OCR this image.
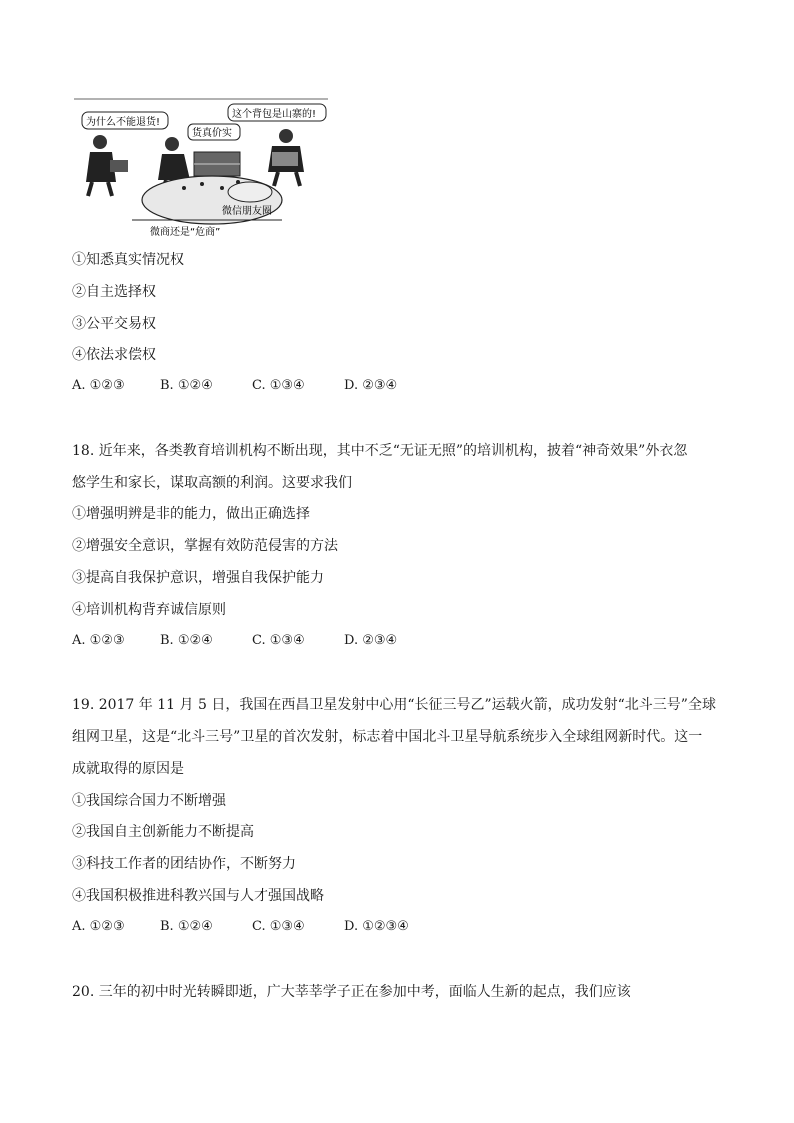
为什么不能退货!
货真价实
这个背包是山寨的!
微信朋友圈
微商还是“危商”
①知悉真实情况权
②自主选择权
③公平交易权
④依法求偿权
A. ①②③	B. ①②④	C. ①③④	D. ②③④
18. 近年来，各类教育培训机构不断出现，其中不乏“无证无照”的培训机构，披着“神奇效果”外衣忽
悠学生和家长，谋取高额的利润。这要求我们
①增强明辨是非的能力，做出正确选择
②增强安全意识，掌握有效防范侵害的方法
③提高自我保护意识，增强自我保护能力
④培训机构背弃诚信原则
A. ①②③	B. ①②④	C. ①③④	D. ②③④
19. 2017 年 11 月 5 日，我国在西昌卫星发射中心用“长征三号乙”运载火箭，成功发射“北斗三号”全球
组网卫星，这是“北斗三号”卫星的首次发射，标志着中国北斗卫星导航系统步入全球组网新时代。这一
成就取得的原因是
①我国综合国力不断增强
②我国自主创新能力不断提高
③科技工作者的团结协作，不断努力
④我国积极推进科教兴国与人才强国战略
A. ①②③	B. ①②④	C. ①③④	D. ①②③④
20. 三年的初中时光转瞬即逝，广大莘莘学子正在参加中考，面临人生新的起点，我们应该
